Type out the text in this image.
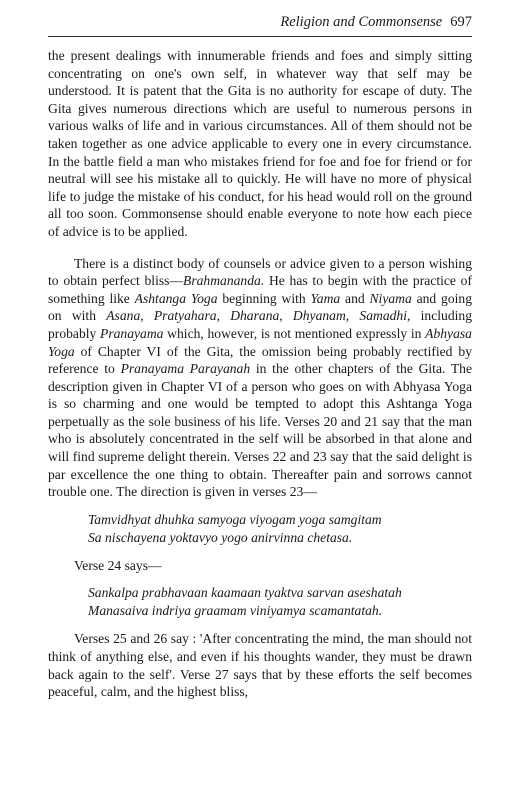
Religion and Commonsense 697

the present dealings with innumerable friends and foes and simply sitting concentrating on one's own self, in whatever way that self may be understood. It is patent that the Gita is no authority for escape of duty. The Gita gives numerous directions which are useful to numerous persons in various walks of life and in various circumstances. All of them should not be taken together as one advice applicable to every one in every circumstance. In the battle field a man who mistakes friend for foe and foe for friend or for neutral will see his mistake all to quickly. He will have no more of physical life to judge the mistake of his conduct, for his head would roll on the ground all too soon. Commonsense should enable everyone to note how each piece of advice is to be applied.

There is a distinct body of counsels or advice given to a person wishing to obtain perfect bliss—Brahmananda. He has to begin with the practice of something like Ashtanga Yoga beginning with Yama and Niyama and going on with Asana, Pratyahara, Dharana, Dhyanam, Samadhi, including probably Pranayama which, however, is not mentioned expressly in Abhyasa Yoga of Chapter VI of the Gita, the omission being probably rectified by reference to Pranayama Parayanah in the other chapters of the Gita. The description given in Chapter VI of a person who goes on with Abhyasa Yoga is so charming and one would be tempted to adopt this Ashtanga Yoga perpetually as the sole business of his life. Verses 20 and 21 say that the man who is absolutely concentrated in the self will be absorbed in that alone and will find supreme delight therein. Verses 22 and 23 say that the said delight is par excellence the one thing to obtain. Thereafter pain and sorrows cannot trouble one. The direction is given in verses 23—

Tamvidhyat dhuhka samyoga viyogam yoga samgitam
Sa nischayena yoktavyo yogo anirvinna chetasa.

Verse 24 says—

Sankalpa prabhavaan kaamaan tyaktva sarvan aseshatah
Manasaiva indriya graamam viniyamya scamantatah.

Verses 25 and 26 say : 'After concentrating the mind, the man should not think of anything else, and even if his thoughts wander, they must be drawn back again to the self'. Verse 27 says that by these efforts the self becomes peaceful, calm, and the highest bliss,
